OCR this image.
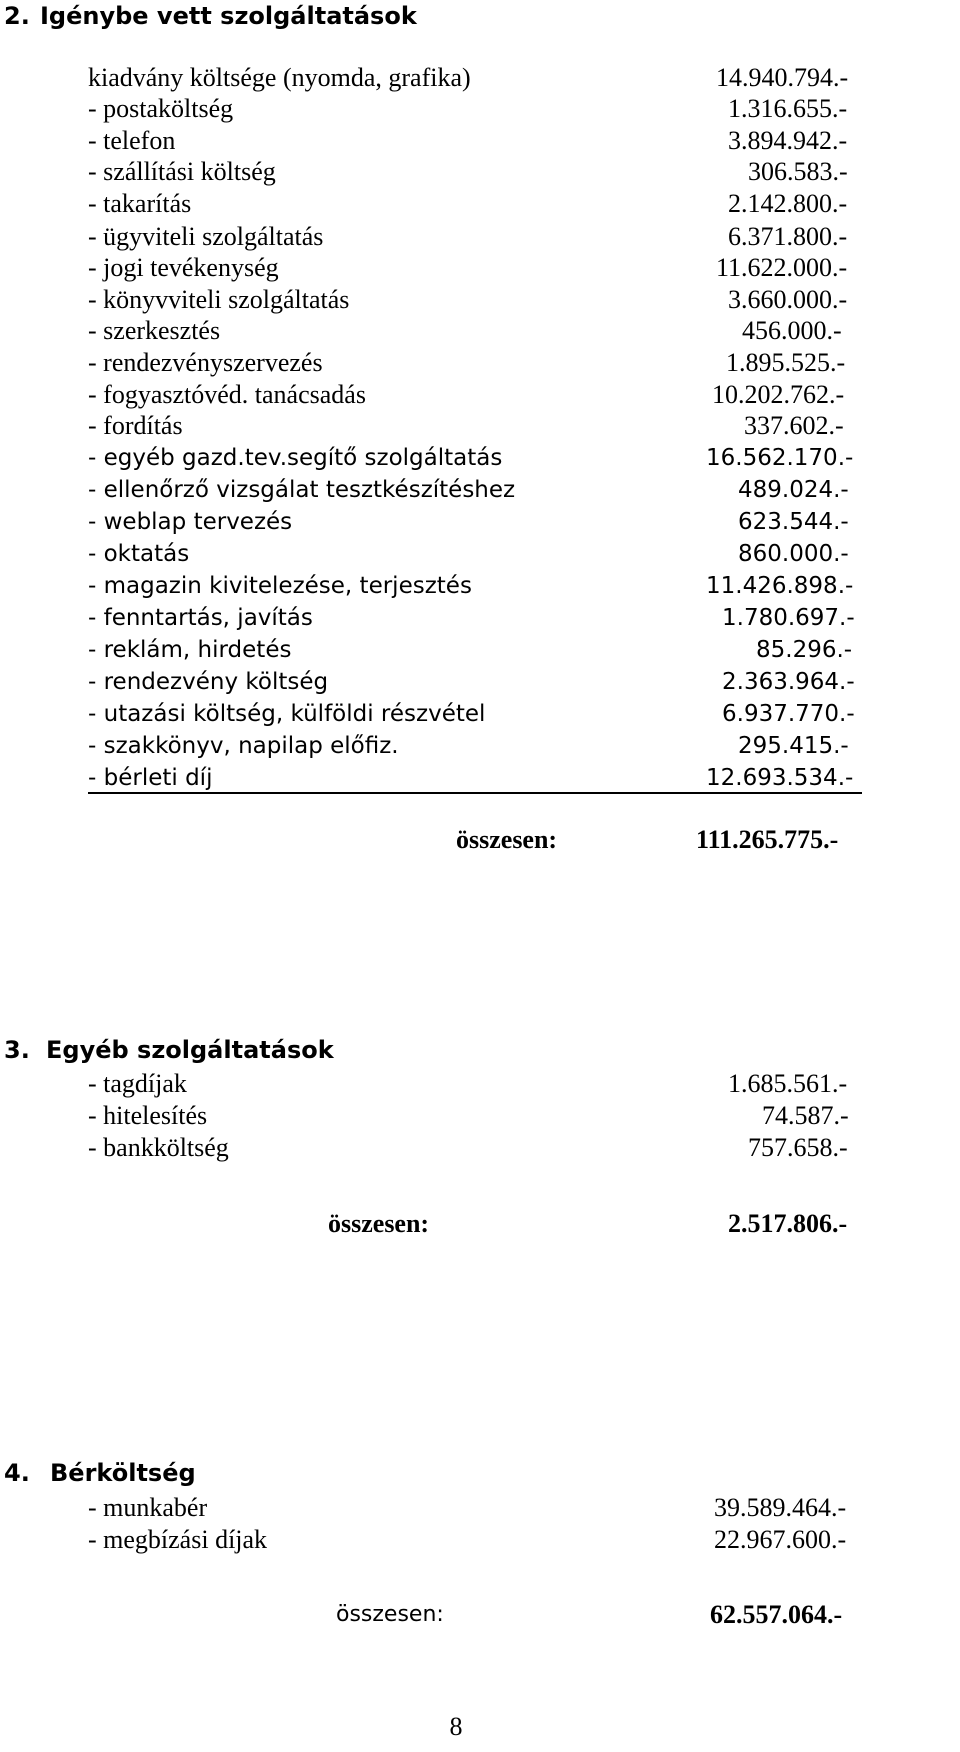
2. Igénybe vett szolgáltatások
kiadvány költsége (nyomda, grafika)	14.940.794.-
- postaköltség	1.316.655.-
- telefon	3.894.942.-
- szállítási költség	306.583.-
- takarítás	2.142.800.-
- ügyviteli szolgáltatás	6.371.800.-
- jogi tevékenység	11.622.000.-
- könyvviteli szolgáltatás	3.660.000.-
- szerkesztés	456.000.-
- rendezvényszervezés	1.895.525.-
- fogyasztóvéd. tanácsadás	10.202.762.-
- fordítás	337.602.-
- egyéb gazd.tev.segítő szolgáltatás	16.562.170.-
- ellenőrző vizsgálat tesztkészítéshez	489.024.-
- weblap tervezés	623.544.-
- oktatás	860.000.-
- magazin kivitelezése, terjesztés	11.426.898.-
- fenntartás, javítás	1.780.697.-
- reklám, hirdetés	85.296.-
- rendezvény költség	2.363.964.-
- utazási költség, külföldi részvétel	6.937.770.-
- szakkönyv, napilap előfiz.	295.415.-
- bérleti díj	12.693.534.-
összesen:	111.265.775.-
3. Egyéb szolgáltatások
- tagdíjak	1.685.561.-
- hitelesítés	74.587.-
- bankköltség	757.658.-
összesen:	2.517.806.-
4. Bérköltség
- munkabér	39.589.464.-
- megbízási díjak	22.967.600.-
összesen:	62.557.064.-
8
